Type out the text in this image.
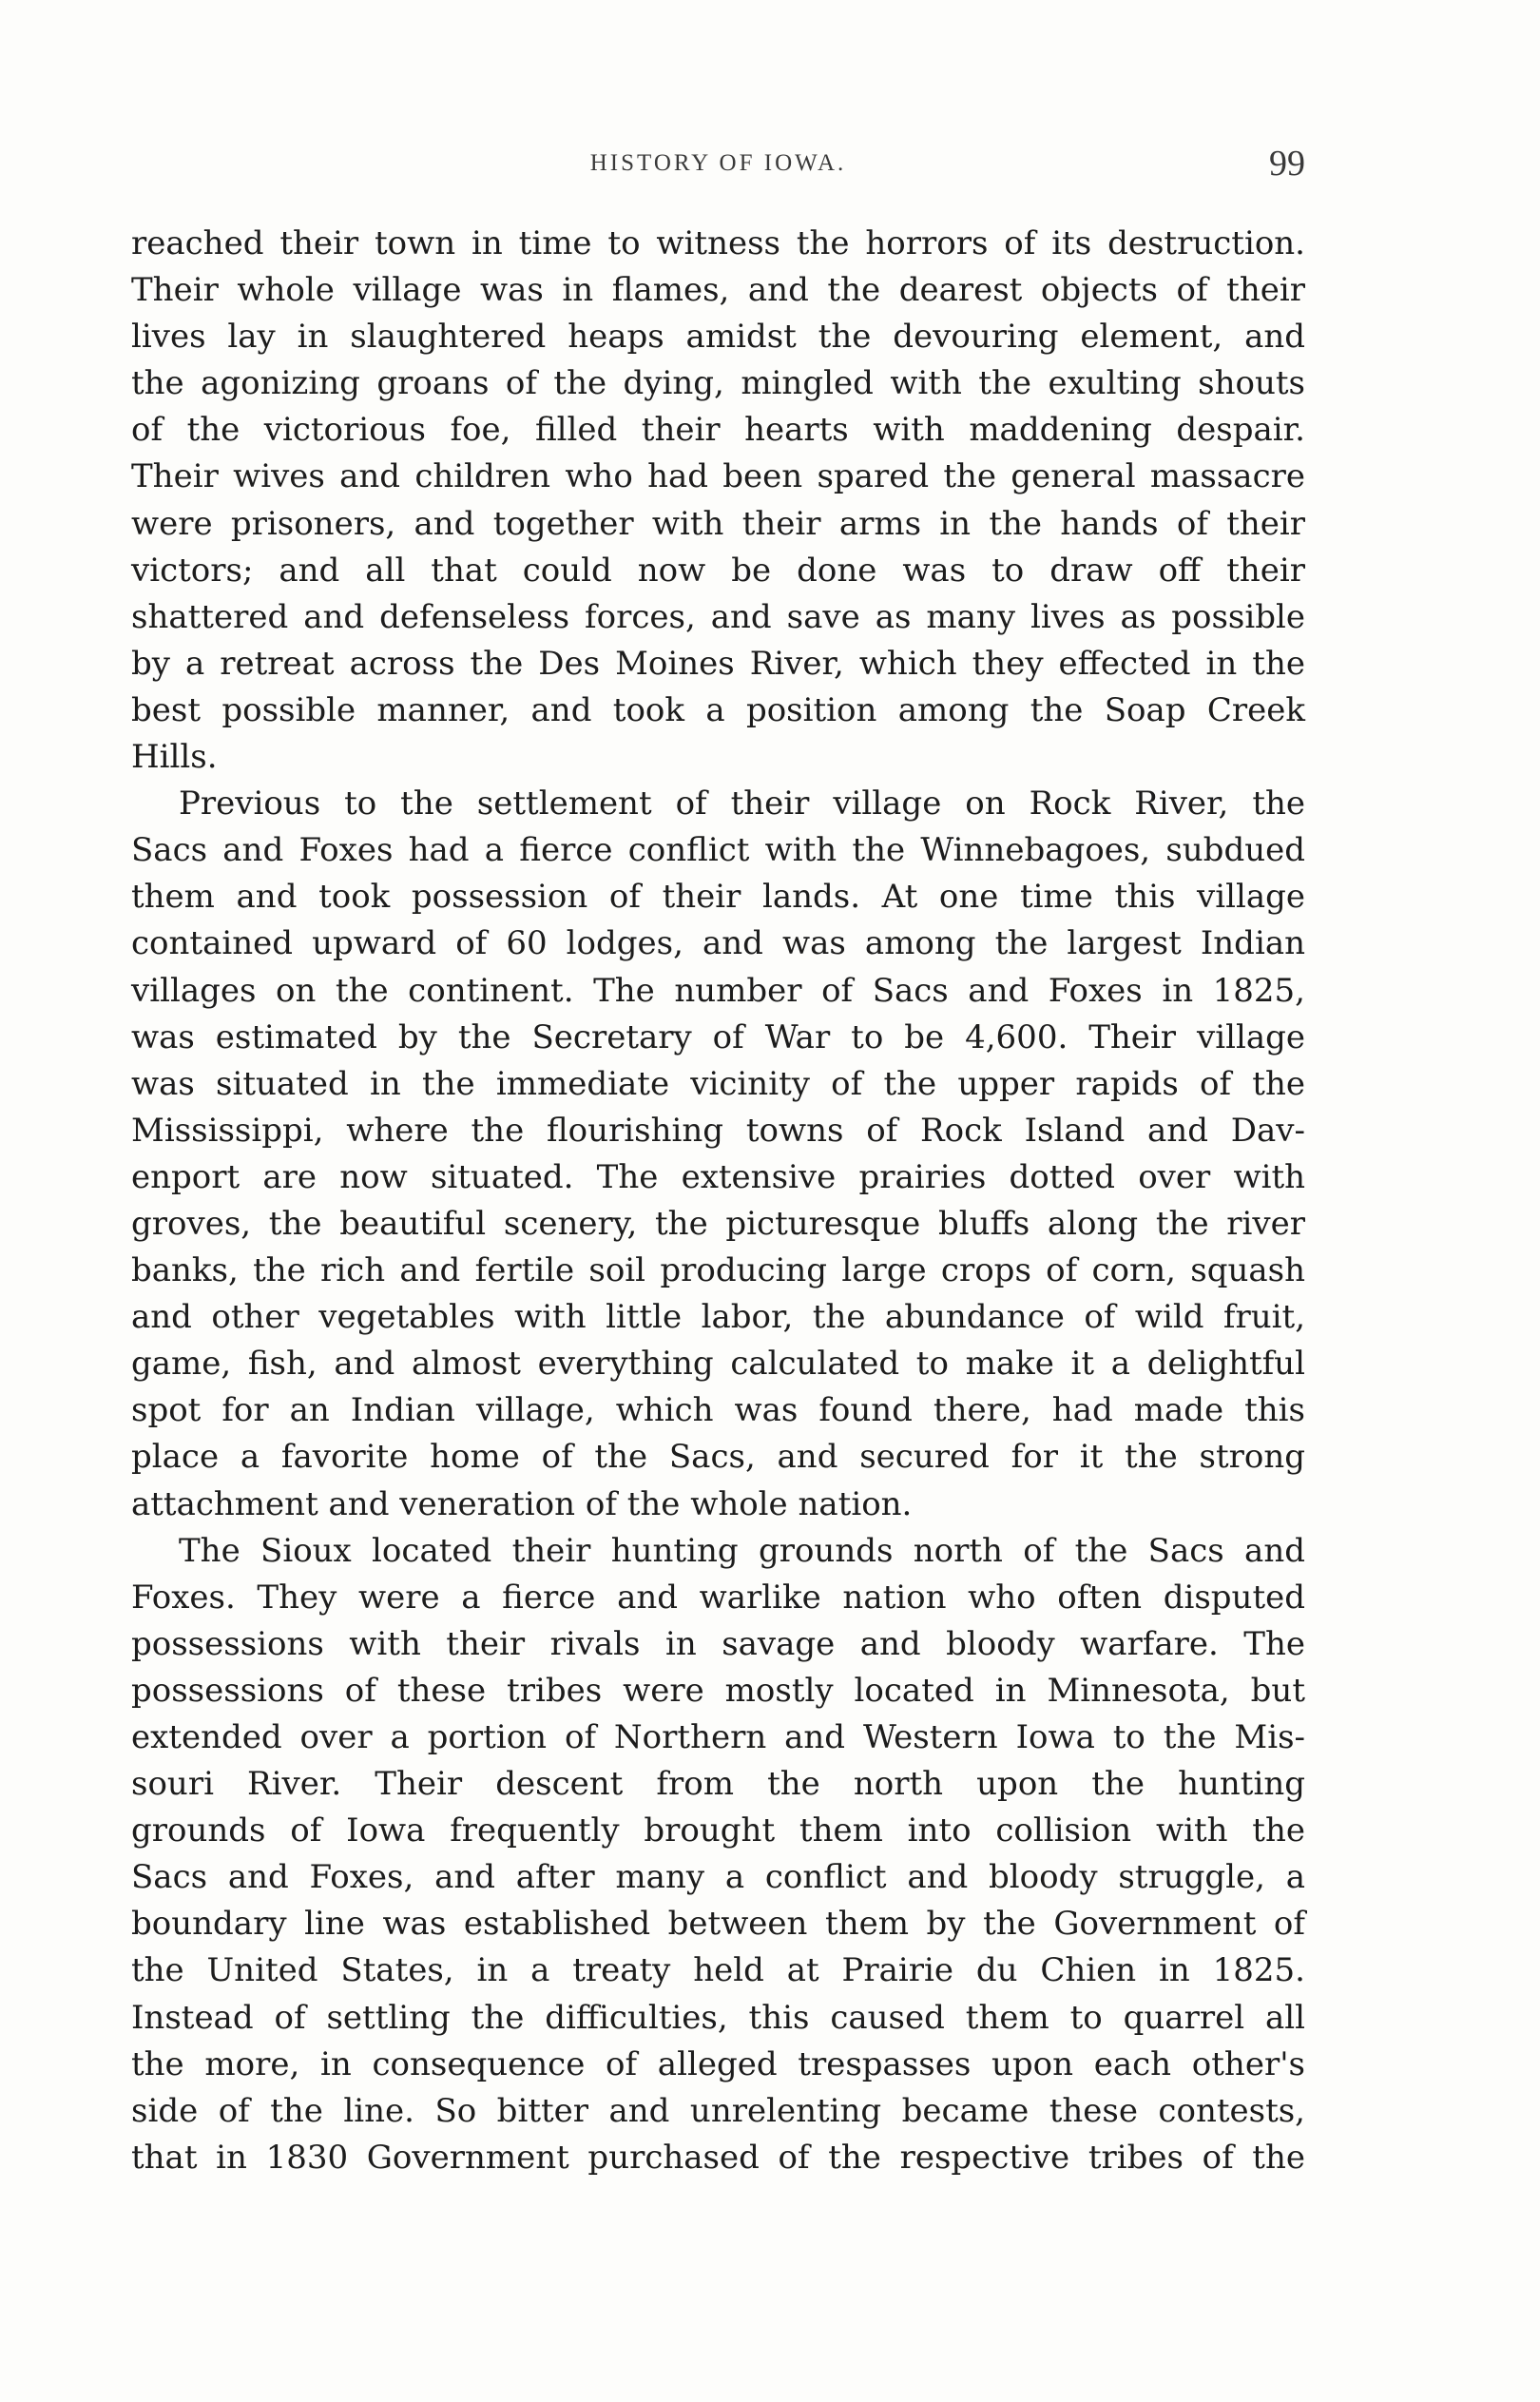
HISTORY OF IOWA.	99
reached their town in time to witness the horrors of its destruction.
Their whole village was in flames, and the dearest objects of their
lives lay in slaughtered heaps amidst the devouring element, and
the agonizing groans of the dying, mingled with the exulting shouts
of the victorious foe, filled their hearts with maddening despair.
Their wives and children who had been spared the general massacre
were prisoners, and together with their arms in the hands of their
victors; and all that could now be done was to draw off their
shattered and defenseless forces, and save as many lives as possible
by a retreat across the Des Moines River, which they effected in the
best possible manner, and took a position among the Soap Creek
Hills.
Previous to the settlement of their village on Rock River, the
Sacs and Foxes had a fierce conflict with the Winnebagoes, subdued
them and took possession of their lands. At one time this village
contained upward of 60 lodges, and was among the largest Indian
villages on the continent. The number of Sacs and Foxes in 1825,
was estimated by the Secretary of War to be 4,600. Their village
was situated in the immediate vicinity of the upper rapids of the
Mississippi, where the flourishing towns of Rock Island and Dav-
enport are now situated. The extensive prairies dotted over with
groves, the beautiful scenery, the picturesque bluffs along the river
banks, the rich and fertile soil producing large crops of corn, squash
and other vegetables with little labor, the abundance of wild fruit,
game, fish, and almost everything calculated to make it a delightful
spot for an Indian village, which was found there, had made this
place a favorite home of the Sacs, and secured for it the strong
attachment and veneration of the whole nation.
The Sioux located their hunting grounds north of the Sacs and
Foxes. They were a fierce and warlike nation who often disputed
possessions with their rivals in savage and bloody warfare. The
possessions of these tribes were mostly located in Minnesota, but
extended over a portion of Northern and Western Iowa to the Mis-
souri River. Their descent from the north upon the hunting
grounds of Iowa frequently brought them into collision with the
Sacs and Foxes, and after many a conflict and bloody struggle, a
boundary line was established between them by the Government of
the United States, in a treaty held at Prairie du Chien in 1825.
Instead of settling the difficulties, this caused them to quarrel all
the more, in consequence of alleged trespasses upon each other's
side of the line. So bitter and unrelenting became these contests,
that in 1830 Government purchased of the respective tribes of the
